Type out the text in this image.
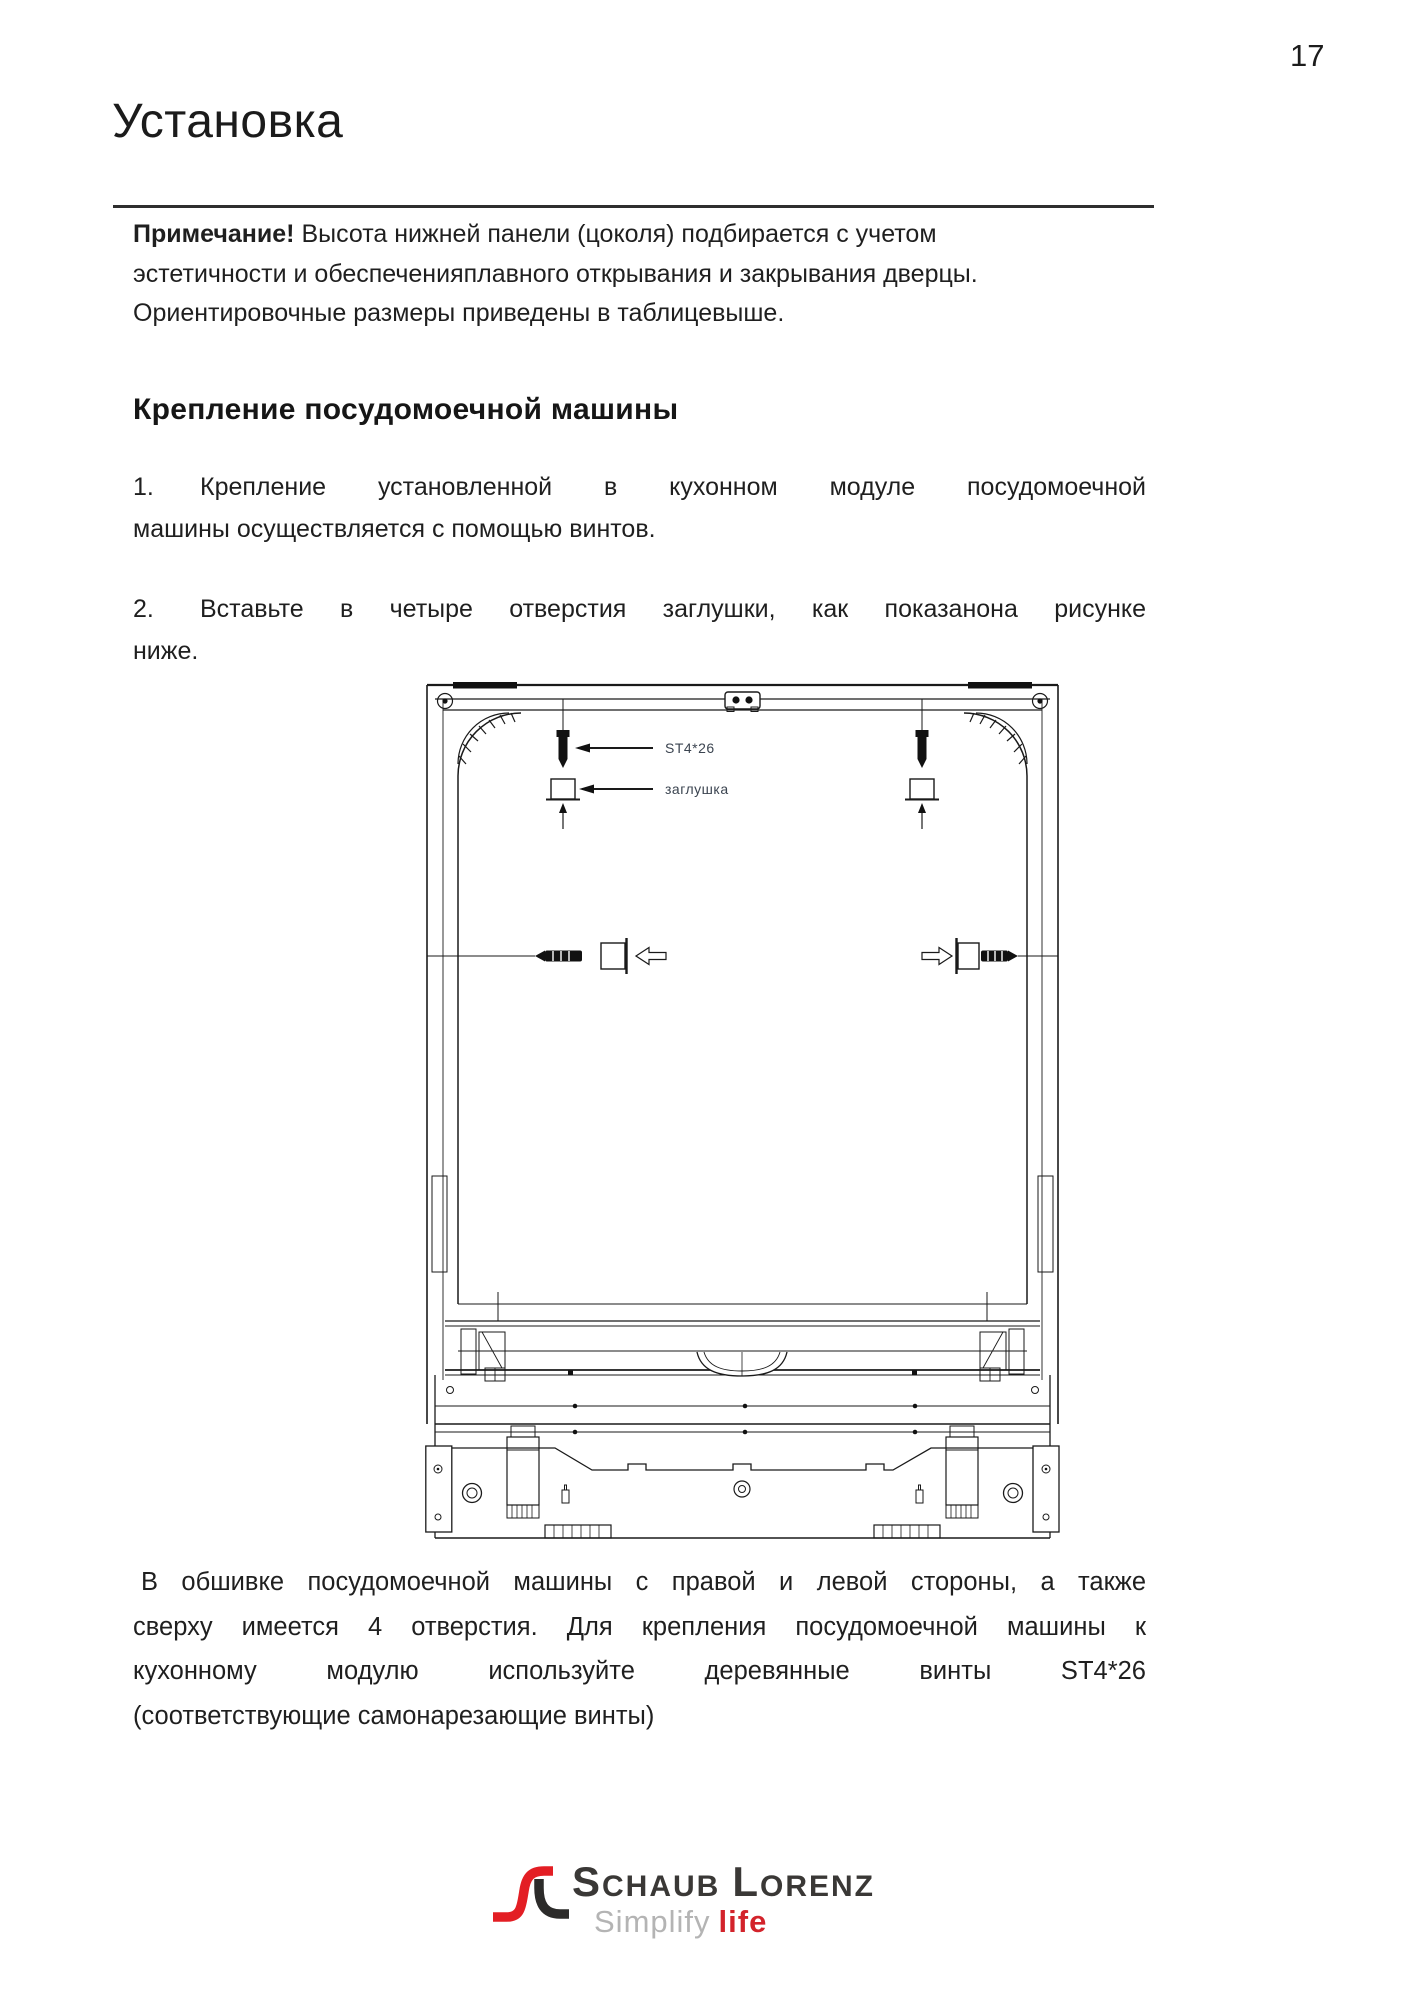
17
Установка
Примечание! Высота нижней панели (цоколя) подбирается с учетом
эстетичности и обеспеченияплавного открывания и закрывания дверцы.
Ориентировочные размеры приведены в таблицевыше.
Крепление посудомоечной машины
1.	Крепление установленной в кухонном модуле посудомоечной
машины осуществляется с помощью винтов.
2.	Вставьте в четыре отверстия заглушки, как показанона рисунке
ниже.
ST4*26
заглушка
В обшивке посудомоечной машины с правой и левой стороны, а также
сверху имеется 4 отверстия. Для крепления посудомоечной машины к
кухонному модулю используйте деревянные винты ST4*26
(соответствующие самонарезающие винты)
SCHAUB LORENZ
Simplify life
